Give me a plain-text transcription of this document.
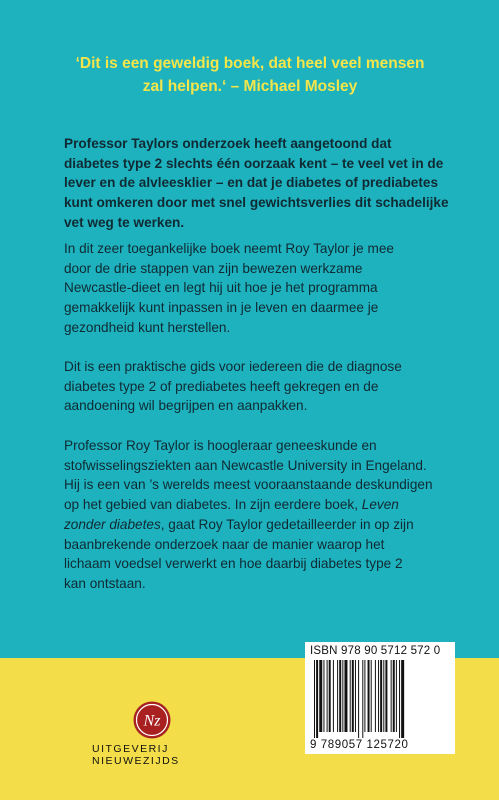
‘Dit is een geweldig boek, dat heel veel mensen
zal helpen.‘ – Michael Mosley
Professor Taylors onderzoek heeft aangetoond dat
diabetes type 2 slechts één oorzaak kent – te veel vet in de
lever en de alvleesklier – en dat je diabetes of prediabetes
kunt omkeren door met snel gewichtsverlies dit schadelijke
vet weg te werken.
In dit zeer toegankelijke boek neemt Roy Taylor je mee
door de drie stappen van zijn bewezen werkzame
Newcastle-dieet en legt hij uit hoe je het programma
gemakkelijk kunt inpassen in je leven en daarmee je
gezondheid kunt herstellen.
Dit is een praktische gids voor iedereen die de diagnose
diabetes type 2 of prediabetes heeft gekregen en de
aandoening wil begrijpen en aanpakken.
Professor Roy Taylor is hoogleraar geneeskunde en
stofwisselingsziekten aan Newcastle University in Engeland.
Hij is een van ’s werelds meest vooraanstaande deskundigen
op het gebied van diabetes. In zijn eerdere boek, Leven
zonder diabetes, gaat Roy Taylor gedetailleerder in op zijn
baanbrekende onderzoek naar de manier waarop het
lichaam voedsel verwerkt en hoe daarbij diabetes type 2
kan ontstaan.
ISBN 978 90 5712 572 0
9 789057 125720
Nz
UITGEVERIJ NIEUWEZIJDS
